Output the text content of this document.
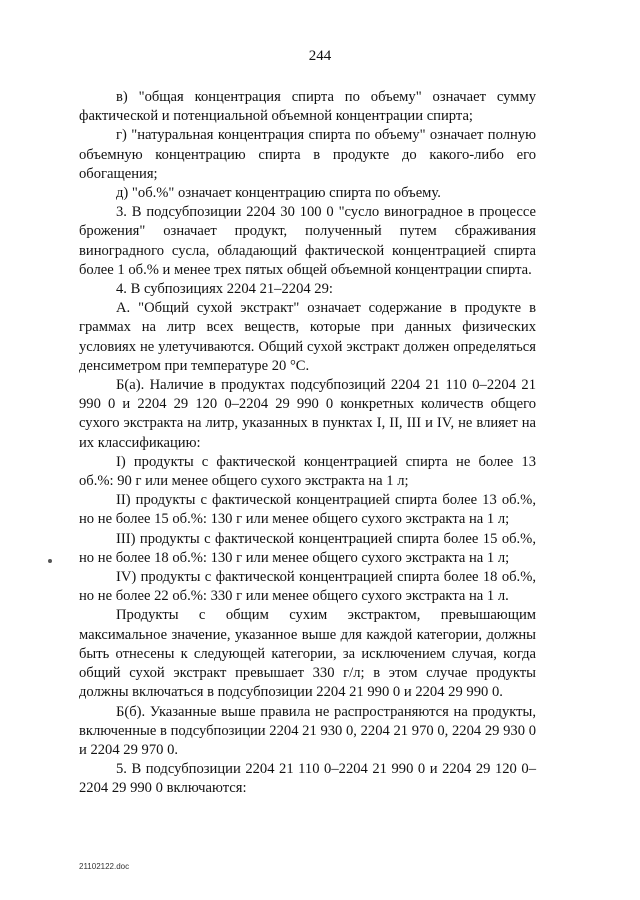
244

в) "общая концентрация спирта по объему" означает сумму фактической и потенциальной объемной концентрации спирта;

г) "натуральная концентрация спирта по объему" означает полную объемную концентрацию спирта в продукте до какого-либо его обогащения;

д) "об.%" означает концентрацию спирта по объему.

3. В подсубпозиции 2204 30 100 0 "сусло виноградное в процессе брожения" означает продукт, полученный путем сбраживания виноградного сусла, обладающий фактической концентрацией спирта более 1 об.% и менее трех пятых общей объемной концентрации спирта.

4. В субпозициях 2204 21–2204 29:

А. "Общий сухой экстракт" означает содержание в продукте в граммах на литр всех веществ, которые при данных физических условиях не улетучиваются. Общий сухой экстракт должен определяться денсиметром при температуре 20 °С.

Б(а). Наличие в продуктах подсубпозиций 2204 21 110 0–2204 21 990 0 и 2204 29 120 0–2204 29 990 0 конкретных количеств общего сухого экстракта на литр, указанных в пунктах I, II, III и IV, не влияет на их классификацию:

I) продукты с фактической концентрацией спирта не более 13 об.%: 90 г или менее общего сухого экстракта на 1 л;

II) продукты с фактической концентрацией спирта более 13 об.%, но не более 15 об.%: 130 г или менее общего сухого экстракта на 1 л;

III) продукты с фактической концентрацией спирта более 15 об.%, но не более 18 об.%: 130 г или менее общего сухого экстракта на 1 л;

IV) продукты с фактической концентрацией спирта более 18 об.%, но не более 22 об.%: 330 г или менее общего сухого экстракта на 1 л.

Продукты с общим сухим экстрактом, превышающим максимальное значение, указанное выше для каждой категории, должны быть отнесены к следующей категории, за исключением случая, когда общий сухой экстракт превышает 330 г/л; в этом случае продукты должны включаться в подсубпозиции 2204 21 990 0 и 2204 29 990 0.

Б(б). Указанные выше правила не распространяются на продукты, включенные в подсубпозиции 2204 21 930 0, 2204 21 970 0, 2204 29 930 0 и 2204 29 970 0.

5. В подсубпозиции 2204 21 110 0–2204 21 990 0 и 2204 29 120 0–2204 29 990 0 включаются:

21102122.doc
